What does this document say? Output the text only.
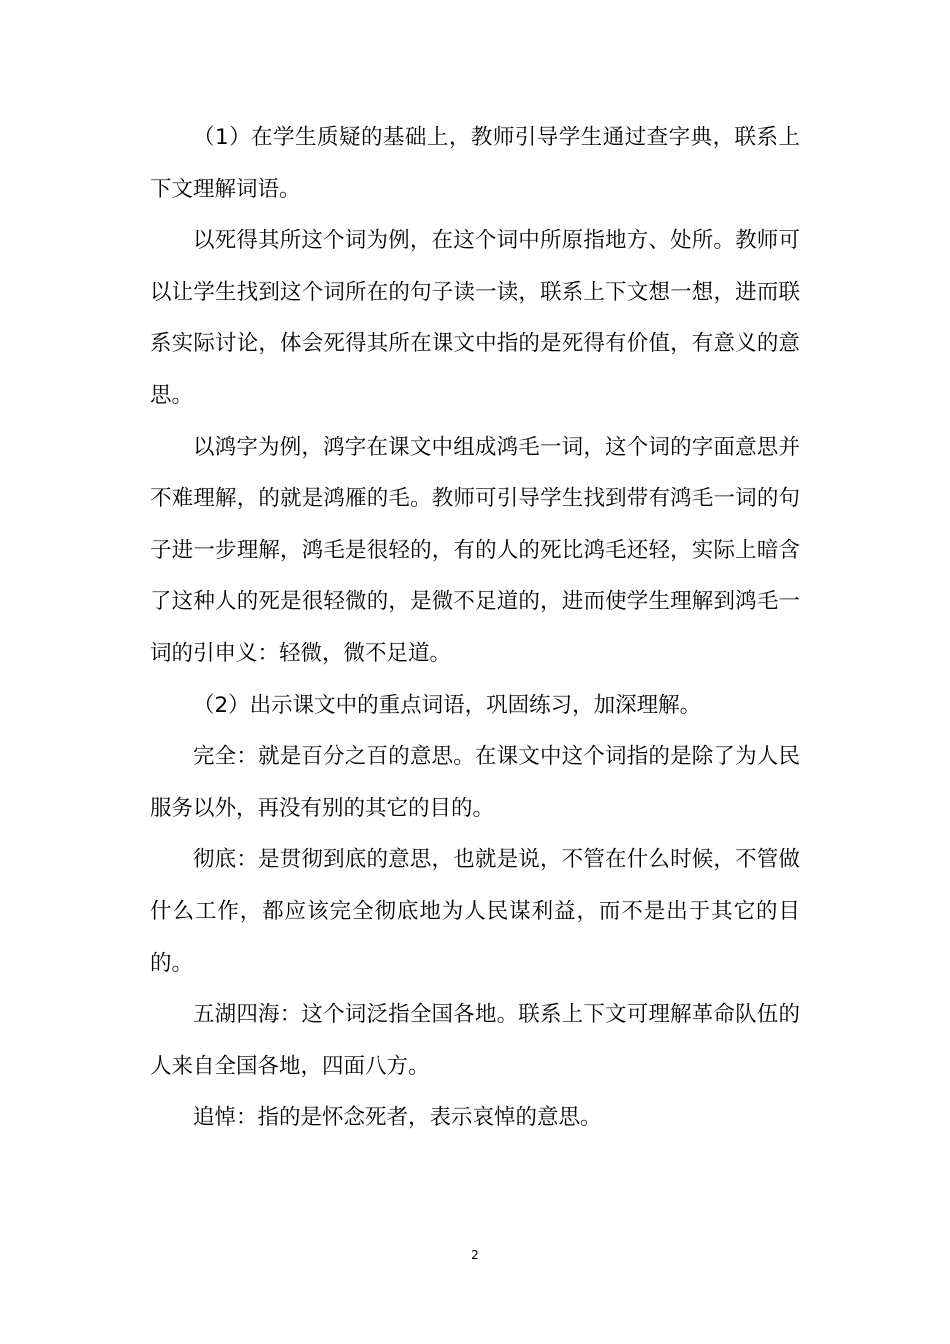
（1）在学生质疑的基础上，教师引导学生通过查字典，联系上下文理解词语。

以死得其所这个词为例，在这个词中所原指地方、处所。教师可以让学生找到这个词所在的句子读一读，联系上下文想一想，进而联系实际讨论，体会死得其所在课文中指的是死得有价值，有意义的意思。

以鸿字为例，鸿字在课文中组成鸿毛一词，这个词的字面意思并不难理解，的就是鸿雁的毛。教师可引导学生找到带有鸿毛一词的句子进一步理解，鸿毛是很轻的，有的人的死比鸿毛还轻，实际上暗含了这种人的死是很轻微的，是微不足道的，进而使学生理解到鸿毛一词的引申义：轻微，微不足道。

（2）出示课文中的重点词语，巩固练习，加深理解。

完全：就是百分之百的意思。在课文中这个词指的是除了为人民服务以外，再没有别的其它的目的。

彻底：是贯彻到底的意思，也就是说，不管在什么时候，不管做什么工作，都应该完全彻底地为人民谋利益，而不是出于其它的目的。

五湖四海：这个词泛指全国各地。联系上下文可理解革命队伍的人来自全国各地，四面八方。

追悼：指的是怀念死者，表示哀悼的意思。

2
